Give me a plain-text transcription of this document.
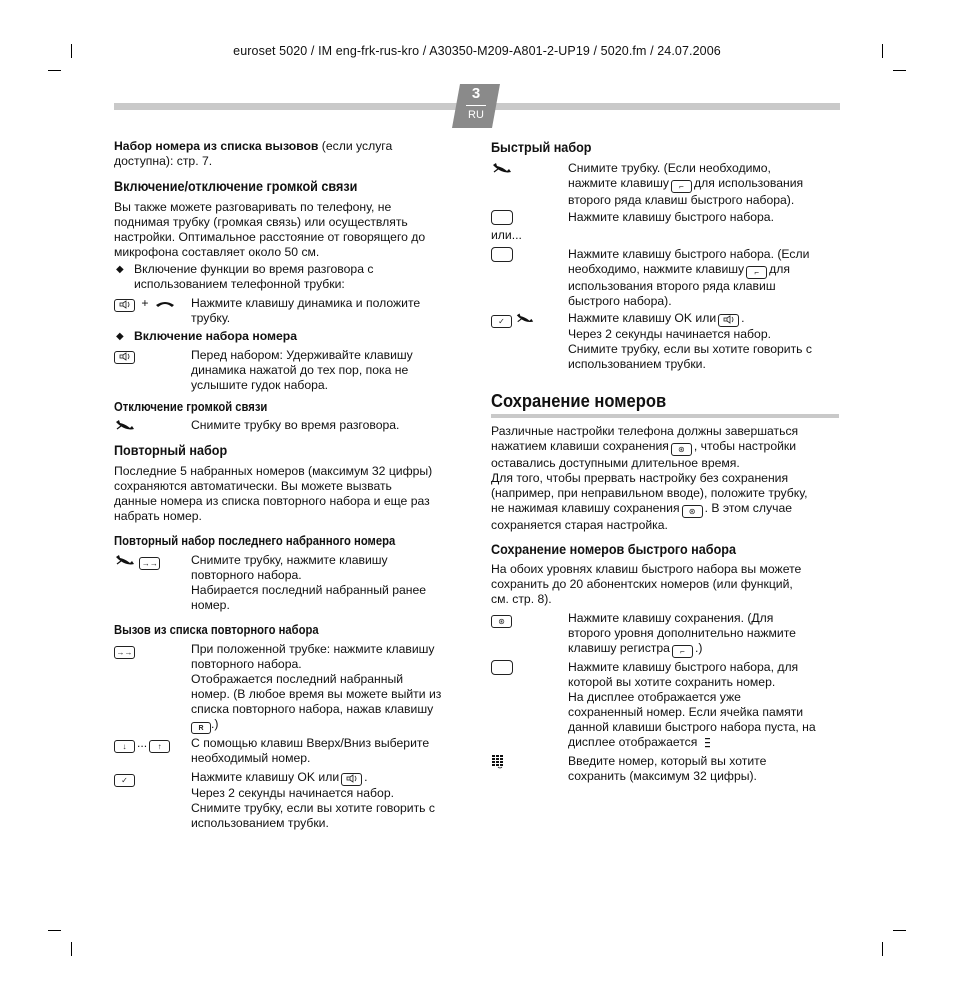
euroset 5020 / IM eng-frk-rus-kro / A30350-M209-A801-2-UP19 / 5020.fm / 24.07.2006
3
RU

Набор номера из списка вызовов (если услуга

доступна): стр. 7.

Включение/отключение громкой связи

Вы также можете разговаривать по телефону, не

поднимая трубку (громкая связь) или осуществлять

настройки. Оптимальное расстояние от говорящего до

микрофона составляет около 50 см.

◆ Включение функции во время разговора с

использованием телефонной трубки:

+	Нажмите клавишу динамика и положите

трубку.

◆ Включение набора номера

Перед набором: Удерживайте клавишу

динамика нажатой до тех пор, пока не

услышите гудок набора.

Отключение громкой связи

Снимите трубку во время разговора.

Повторный набор

Последние 5 набранных номеров (максимум 32 цифры)

сохраняются автоматически. Вы можете вызвать

данные номера из списка повторного набора и еще раз

набрать номер.

Повторный набор последнего набранного номера
→→	Снимите трубку, нажмите клавишу

повторного набора.

Набирается последний набранный ранее

номер.

Вызов из списка повторного набора
→→	При положенной трубке: нажмите клавишу

повторного набора.

Отображается последний набранный

номер. (В любое время вы можете выйти из

списка повторного набора, нажав клавишу

R .)

↓ ... ↑	С помощью клавиш Вверх/Вниз выберите

необходимый номер.

✓	Нажмите клавишу OK или .

Через 2 секунды начинается набор.

Снимите трубку, если вы хотите говорить с

использованием трубки.

Быстрый набор

Снимите трубку. (Если необходимо,

нажмите клавишу ⌐ для использования

второго ряда клавиш быстрого набора).

Нажмите клавишу быстрого набора.

или...

Нажмите клавишу быстрого набора. (Если

необходимо, нажмите клавишу ⌐ для

использования второго ряда клавиш

быстрого набора).

✓	Нажмите клавишу OK или .

Через 2 секунды начинается набор.

Снимите трубку, если вы хотите говорить с

использованием трубки.

Сохранение номеров

Различные настройки телефона должны завершаться

нажатием клавиши сохранения ⊛ , чтобы настройки

оставались доступными длительное время.

Для того, чтобы прервать настройку без сохранения

(например, при неправильном вводе), положите трубку,

не нажимая клавишу сохранения ⊛ . В этом случае

сохраняется старая настройка.

Сохранение номеров быстрого набора

На обоих уровнях клавиш быстрого набора вы можете

сохранить до 20 абонентских номеров (или функций,

см. стр. 8).

⊛	Нажмите клавишу сохранения. (Для

второго уровня дополнительно нажмите

клавишу регистра ⌐ .)

Нажмите клавишу быстрого набора, для

которой вы хотите сохранить номер.

На дисплее отображается уже

сохраненный номер. Если ячейка памяти

данной клавиши быстрого набора пуста, на

дисплее отображается

Введите номер, который вы хотите

сохранить (максимум 32 цифры).
